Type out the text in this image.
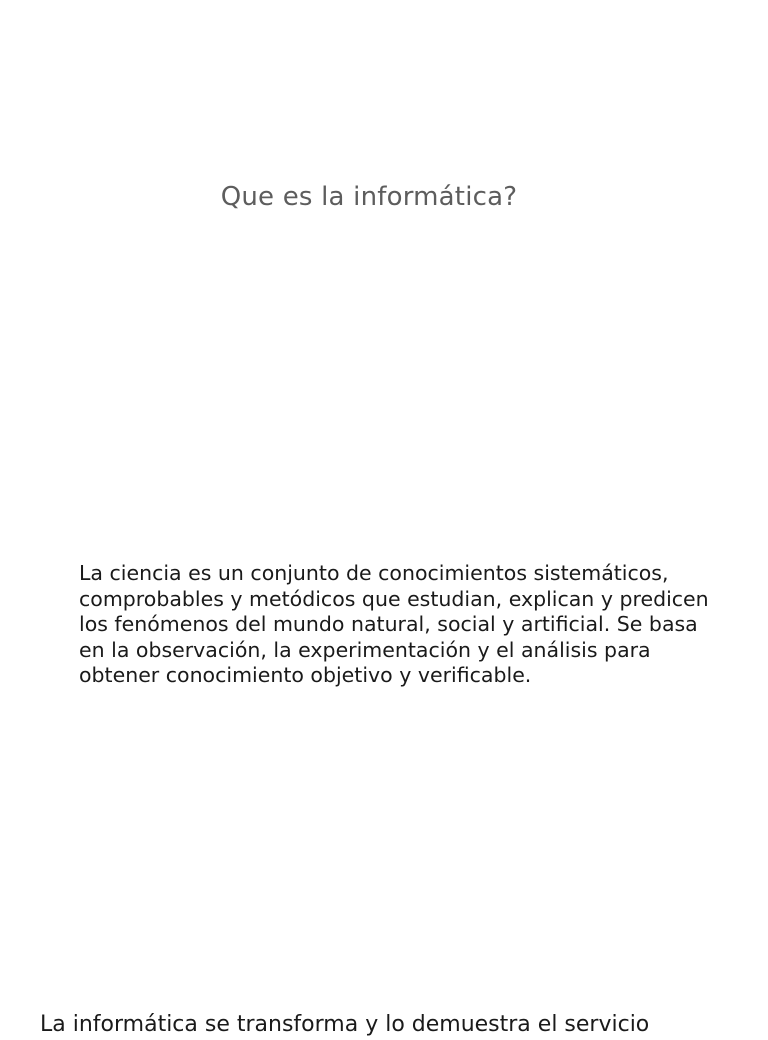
Que es la informática?

La ciencia es un conjunto de conocimientos sistemáticos, comprobables y metódicos que estudian, explican y predicen los fenómenos del mundo natural, social y artificial. Se basa en la observación, la experimentación y el análisis para obtener conocimiento objetivo y verificable.

La informática se transforma y lo demuestra el servicio
